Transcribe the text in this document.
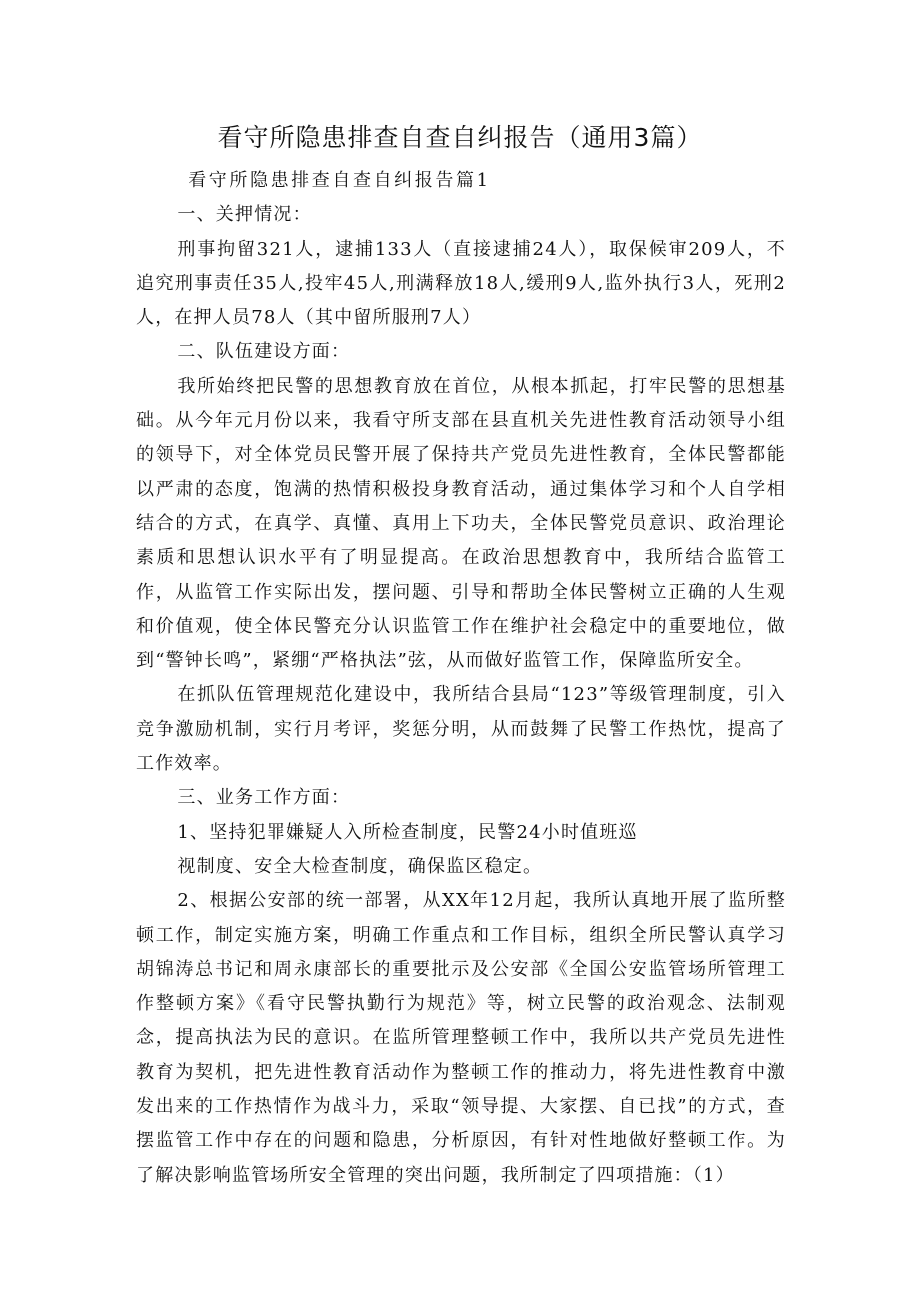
看守所隐患排查自查自纠报告（通用3篇）

看守所隐患排查自查自纠报告篇1

一、关押情况：

刑事拘留321人，逮捕133人（直接逮捕24人），取保候审209人，不追究刑事责任35人,投牢45人,刑满释放18人,缓刑9人,监外执行3人，死刑2人，在押人员78人（其中留所服刑7人）

二、队伍建设方面：

我所始终把民警的思想教育放在首位，从根本抓起，打牢民警的思想基础。从今年元月份以来，我看守所支部在县直机关先进性教育活动领导小组的领导下，对全体党员民警开展了保持共产党员先进性教育，全体民警都能以严肃的态度，饱满的热情积极投身教育活动，通过集体学习和个人自学相结合的方式，在真学、真懂、真用上下功夫，全体民警党员意识、政治理论素质和思想认识水平有了明显提高。在政治思想教育中，我所结合监管工作，从监管工作实际出发，摆问题、引导和帮助全体民警树立正确的人生观和价值观，使全体民警充分认识监管工作在维护社会稳定中的重要地位，做到“警钟长鸣”，紧绷“严格执法”弦，从而做好监管工作，保障监所安全。

在抓队伍管理规范化建设中，我所结合县局“123”等级管理制度，引入竞争激励机制，实行月考评，奖惩分明，从而鼓舞了民警工作热忱，提高了工作效率。

三、业务工作方面：

1、坚持犯罪嫌疑人入所检查制度，民警24小时值班巡

视制度、安全大检查制度，确保监区稳定。

2、根据公安部的统一部署，从XX年12月起，我所认真地开展了监所整顿工作，制定实施方案，明确工作重点和工作目标，组织全所民警认真学习胡锦涛总书记和周永康部长的重要批示及公安部《全国公安监管场所管理工作整顿方案》《看守民警执勤行为规范》等，树立民警的政治观念、法制观念，提高执法为民的意识。在监所管理整顿工作中，我所以共产党员先进性教育为契机，把先进性教育活动作为整顿工作的推动力，将先进性教育中激发出来的工作热情作为战斗力，采取“领导提、大家摆、自已找”的方式，查摆监管工作中存在的问题和隐患，分析原因，有针对性地做好整顿工作。为了解决影响监管场所安全管理的突出问题，我所制定了四项措施：（1）
